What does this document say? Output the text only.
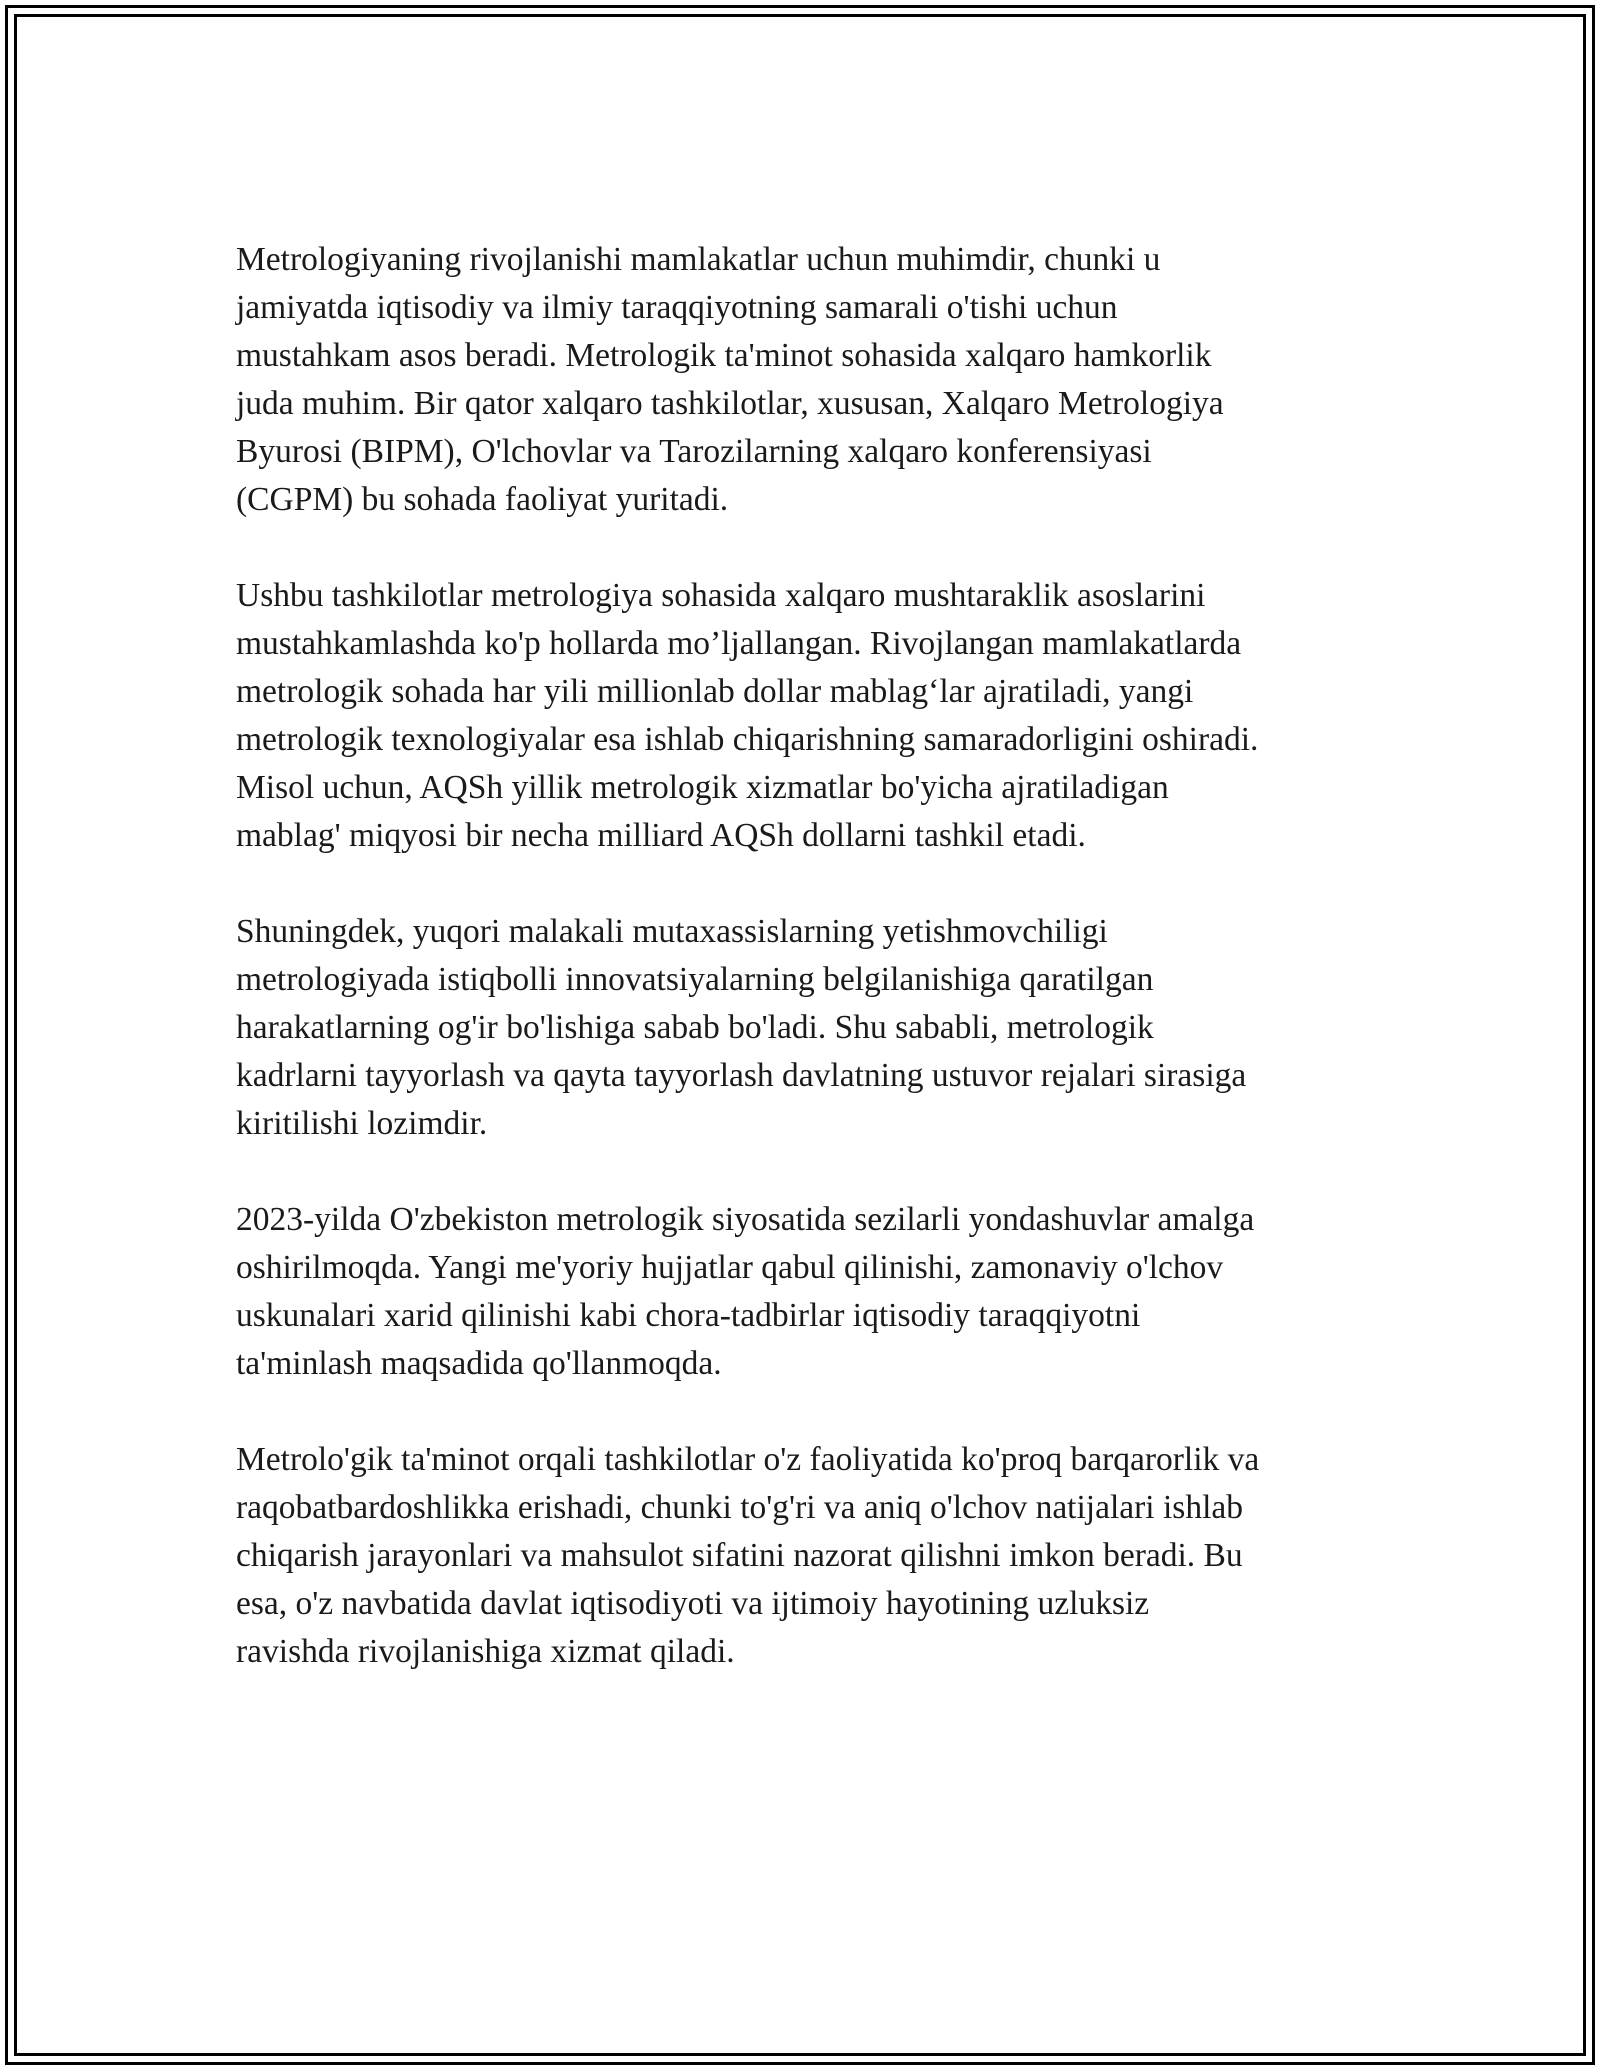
Metrologiyaning rivojlanishi mamlakatlar uchun muhimdir, chunki u
jamiyatda iqtisodiy va ilmiy taraqqiyotning samarali o'tishi uchun
mustahkam asos beradi. Metrologik ta'minot sohasida xalqaro hamkorlik
juda muhim. Bir qator xalqaro tashkilotlar, xususan, Xalqaro Metrologiya
Byurosi (BIPM), O'lchovlar va Tarozilarning xalqaro konferensiyasi
(CGPM) bu sohada faoliyat yuritadi.

Ushbu tashkilotlar metrologiya sohasida xalqaro mushtaraklik asoslarini
mustahkamlashda ko'p hollarda mo’ljallangan. Rivojlangan mamlakatlarda
metrologik sohada har yili millionlab dollar mablag‘lar ajratiladi, yangi
metrologik texnologiyalar esa ishlab chiqarishning samaradorligini oshiradi.
Misol uchun, AQSh yillik metrologik xizmatlar bo'yicha ajratiladigan
mablag' miqyosi bir necha milliard AQSh dollarni tashkil etadi.

Shuningdek, yuqori malakali mutaxassislarning yetishmovchiligi
metrologiyada istiqbolli innovatsiyalarning belgilanishiga qaratilgan
harakatlarning og'ir bo'lishiga sabab bo'ladi. Shu sababli, metrologik
kadrlarni tayyorlash va qayta tayyorlash davlatning ustuvor rejalari sirasiga
kiritilishi lozimdir.

2023-yilda O'zbekiston metrologik siyosatida sezilarli yondashuvlar amalga
oshirilmoqda. Yangi me'yoriy hujjatlar qabul qilinishi, zamonaviy o'lchov
uskunalari xarid qilinishi kabi chora-tadbirlar iqtisodiy taraqqiyotni
ta'minlash maqsadida qo'llanmoqda.

Metrolo'gik ta'minot orqali tashkilotlar o'z faoliyatida ko'proq barqarorlik va
raqobatbardoshlikka erishadi, chunki to'g'ri va aniq o'lchov natijalari ishlab
chiqarish jarayonlari va mahsulot sifatini nazorat qilishni imkon beradi. Bu
esa, o'z navbatida davlat iqtisodiyoti va ijtimoiy hayotining uzluksiz
ravishda rivojlanishiga xizmat qiladi.
